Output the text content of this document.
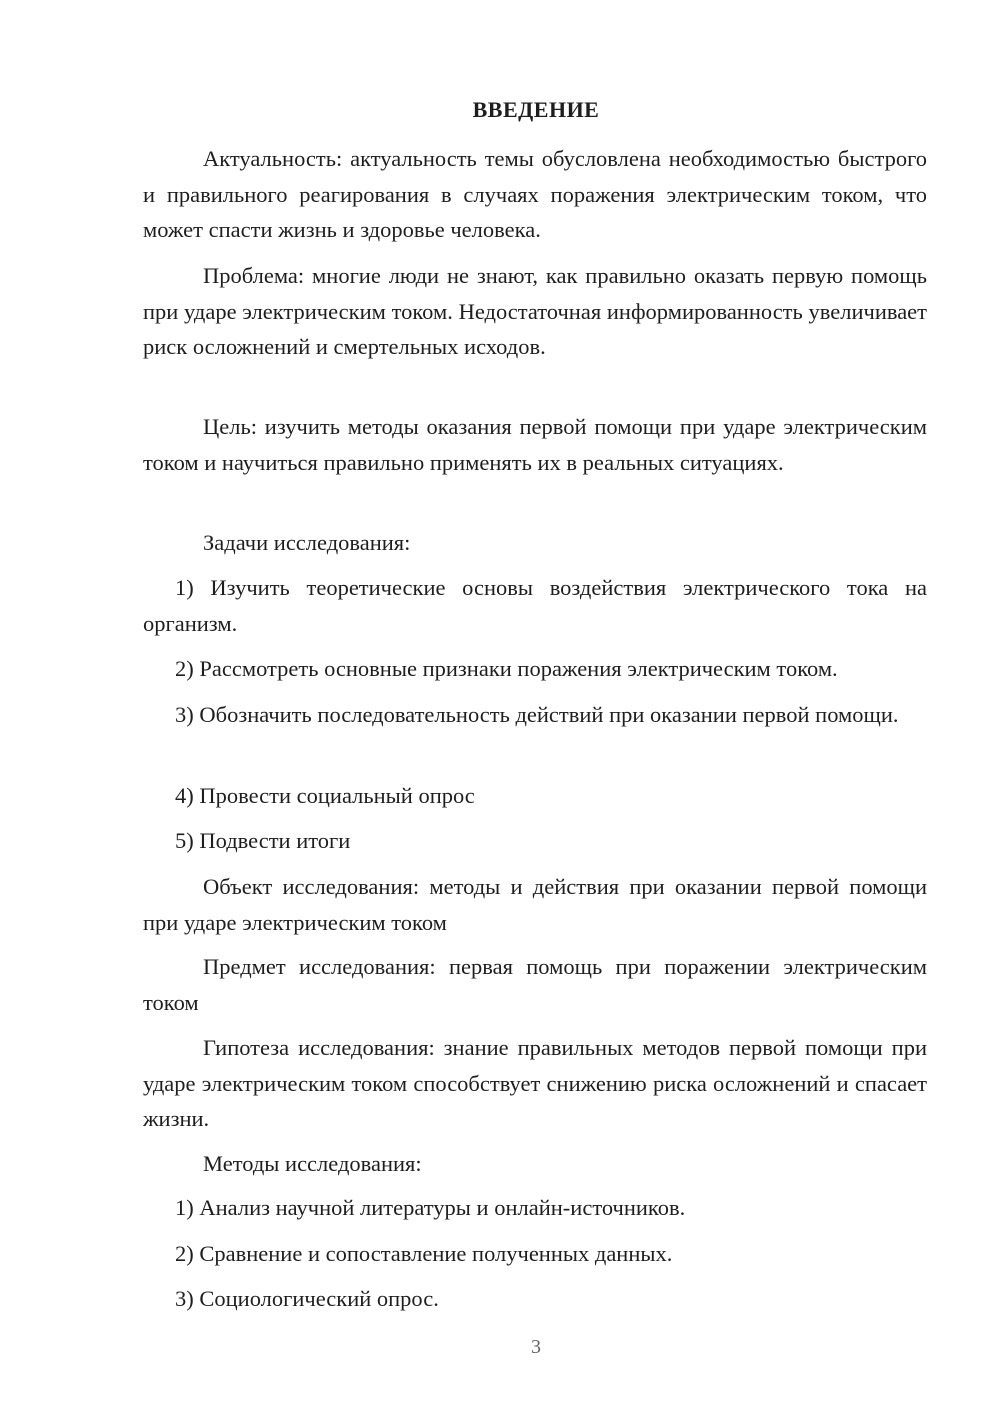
ВВЕДЕНИЕ

Актуальность: актуальность темы обусловлена необходимостью быстрого и правильного реагирования в случаях поражения электрическим током, что может спасти жизнь и здоровье человека.

Проблема: многие люди не знают, как правильно оказать первую помощь при ударе электрическим током. Недостаточная информированность увеличивает риск осложнений и смертельных исходов.

Цель: изучить методы оказания первой помощи при ударе электрическим током и научиться правильно применять их в реальных ситуациях.

Задачи исследования:

1) Изучить теоретические основы воздействия электрического тока на организм.

2) Рассмотреть основные признаки поражения электрическим током.

3) Обозначить последовательность действий при оказании первой помощи.

4) Провести социальный опрос

5) Подвести итоги

Объект исследования: методы и действия при оказании первой помощи при ударе электрическим током

Предмет исследования: первая помощь при поражении электрическим током

Гипотеза исследования: знание правильных методов первой помощи при ударе электрическим током способствует снижению риска осложнений и спасает жизни.

Методы исследования:

1) Анализ научной литературы и онлайн-источников.

2) Сравнение и сопоставление полученных данных.

3) Социологический опрос.

3
